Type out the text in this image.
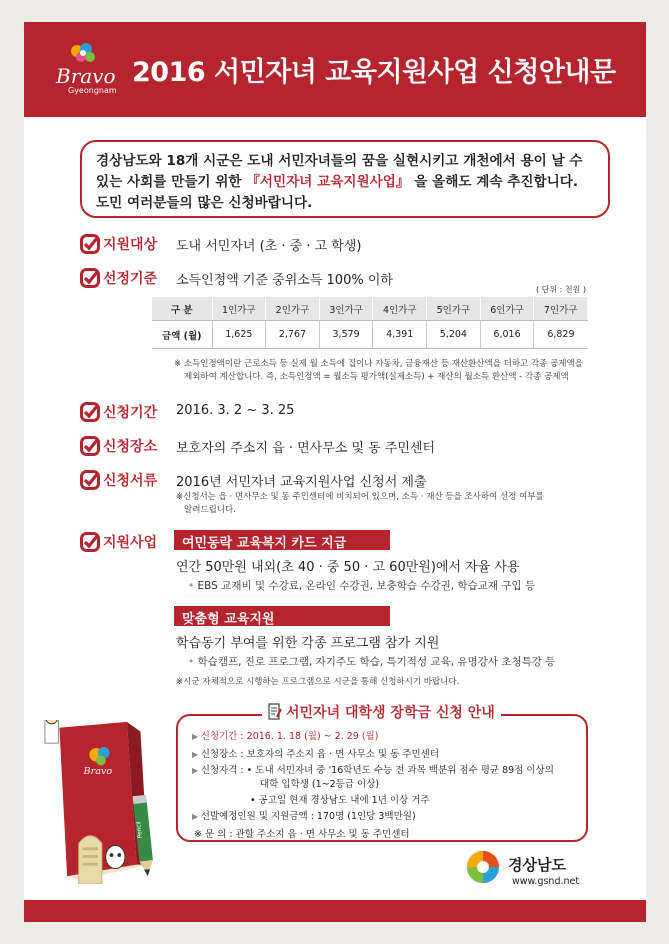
Bravo
Gyeongnam
2016 서민자녀 교육지원사업 신청안내문
경상남도와 18개 시군은 도내 서민자녀들의 꿈을 실현시키고 개천에서 용이 날 수
있는 사회를 만들기 위한 『서민자녀 교육지원사업』 을 올해도 계속 추진합니다.
도민 여러분들의 많은 신청바랍니다.
지원대상 도내 서민자녀 (초 · 중 · 고 학생)
선정기준 소득인정액 기준 중위소득 100% 이하
( 단위 : 천원 )
구 분	1인가구	2인가구	3인가구	4인가구	5인가구	6인가구	7인가구
금액 (월)	1,625	2,767	3,579	4,391	5,204	6,016	6,829
※ 소득인정액이란 근로소득 등 실제 월 소득에 집이나 자동차, 금융재산 등 재산환산액을 더하고 각종 공제액을
제외하여 계산합니다. 즉, 소득인정액 = 월소득 평가액(실제소득) + 재산의 월소득 환산액 - 각종 공제액
신청기간 2016. 3. 2 ~ 3. 25
신청장소 보호자의 주소지 읍 · 면사무소 및 동 주민센터
신청서류 2016년 서민자녀 교육지원사업 신청서 제출
※신청서는 읍 · 면사무소 및 동 주민센터에 비치되어 있으며, 소득 · 재산 등을 조사하여 선정 여부를
알려드립니다.
지원사업	여민동락 교육복지 카드 지급
연간 50만원 내외(초 40 · 중 50 · 고 60만원)에서 자율 사용
• EBS 교재비 및 수강료, 온라인 수강권, 보충학습 수강권, 학습교재 구입 등
맞춤형 교육지원
학습동기 부여를 위한 각종 프로그램 참가 지원
• 학습캠프, 진로 프로그램, 자기주도 학습, 특기적성 교육, 유명강사 초청특강 등
※시군 자체적으로 시행하는 프로그램으로 시군을 통해 신청하시기 바랍니다.
서민자녀 대학생 장학금 신청 안내
▶ 신청기간 : 2016. 1. 18 (월) ~ 2. 29 (월)
▶ 신청장소 : 보호자의 주소지 읍 · 면 사무소 및 동 주민센터
▶ 신청자격 : • 도내 서민자녀 중 '16학년도 수능 전 과목 백분위 점수 평균 89점 이상의
대학 입학생 (1~2등급 이상)
• 공고일 현재 경상남도 내에 1년 이상 거주
▶ 선발예정인원 및 지원금액 : 170명 (1인당 3백만원)
※ 문 의 : 관할 주소지 읍 · 면 사무소 및 동 주민센터
Bravo
Pencil
경상남도
www.gsnd.net
